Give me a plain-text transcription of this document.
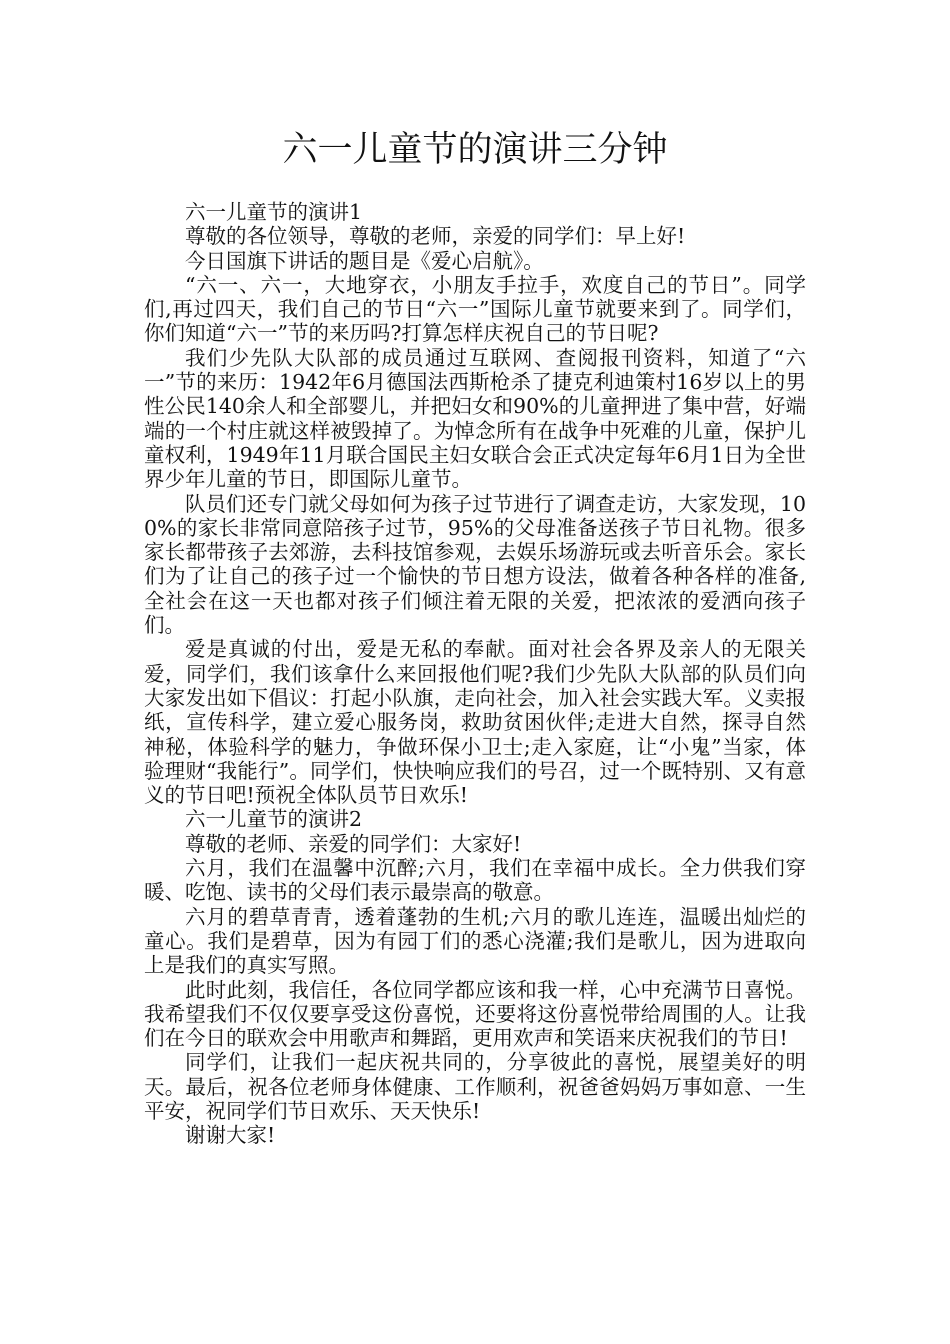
六一儿童节的演讲三分钟

六一儿童节的演讲1

尊敬的各位领导，尊敬的老师，亲爱的同学们：早上好!

今日国旗下讲话的题目是《爱心启航》。

“六一、六一，大地穿衣，小朋友手拉手，欢度自己的节日”。同学们,再过四天，我们自己的节日“六一”国际儿童节就要来到了。同学们，你们知道“六一”节的来历吗?打算怎样庆祝自己的节日呢?

我们少先队大队部的成员通过互联网、查阅报刊资料，知道了“六一”节的来历：1942年6月德国法西斯枪杀了捷克利迪策村16岁以上的男性公民140余人和全部婴儿，并把妇女和90%的儿童押进了集中营，好端端的一个村庄就这样被毁掉了。为悼念所有在战争中死难的儿童，保护儿童权利，1949年11月联合国民主妇女联合会正式决定每年6月1日为全世界少年儿童的节日，即国际儿童节。

队员们还专门就父母如何为孩子过节进行了调查走访，大家发现，100%的家长非常同意陪孩子过节，95%的父母准备送孩子节日礼物。很多家长都带孩子去郊游，去科技馆参观，去娱乐场游玩或去听音乐会。家长们为了让自己的孩子过一个愉快的节日想方设法，做着各种各样的准备,全社会在这一天也都对孩子们倾注着无限的关爱，把浓浓的爱洒向孩子们。

爱是真诚的付出，爱是无私的奉献。面对社会各界及亲人的无限关爱，同学们，我们该拿什么来回报他们呢?我们少先队大队部的队员们向大家发出如下倡议：打起小队旗，走向社会，加入社会实践大军。义卖报纸，宣传科学，建立爱心服务岗，救助贫困伙伴;走进大自然，探寻自然神秘，体验科学的魅力，争做环保小卫士;走入家庭，让“小鬼”当家，体验理财“我能行”。同学们，快快响应我们的号召，过一个既特别、又有意义的节日吧!预祝全体队员节日欢乐!

六一儿童节的演讲2

尊敬的老师、亲爱的同学们：大家好!

六月，我们在温馨中沉醉;六月，我们在幸福中成长。全力供我们穿暖、吃饱、读书的父母们表示最崇高的敬意。

六月的碧草青青，透着蓬勃的生机;六月的歌儿连连，温暖出灿烂的童心。我们是碧草，因为有园丁们的悉心浇灌;我们是歌儿，因为进取向上是我们的真实写照。

此时此刻，我信任，各位同学都应该和我一样，心中充满节日喜悦。我希望我们不仅仅要享受这份喜悦，还要将这份喜悦带给周围的人。让我们在今日的联欢会中用歌声和舞蹈，更用欢声和笑语来庆祝我们的节日!

同学们，让我们一起庆祝共同的，分享彼此的喜悦，展望美好的明天。最后，祝各位老师身体健康、工作顺利，祝爸爸妈妈万事如意、一生平安，祝同学们节日欢乐、天天快乐!

谢谢大家!
